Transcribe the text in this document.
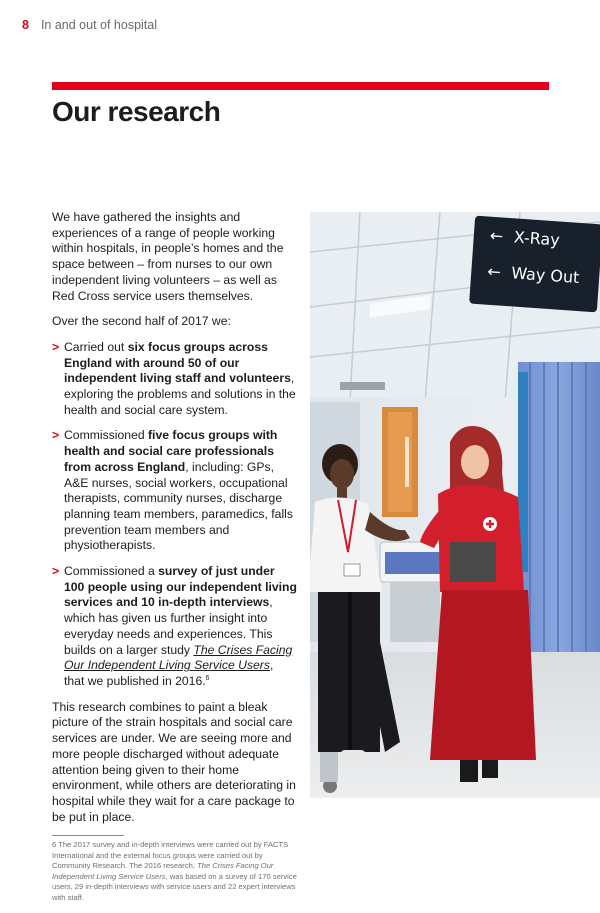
8 In and out of hospital
Our research

We have gathered the insights and experiences of a range of people working within hospitals, in people’s homes and the space between – from nurses to our own independent living volunteers – as well as Red Cross service users themselves.

Over the second half of 2017 we:

> Carried out six focus groups across England with around 50 of our independent living staff and volunteers, exploring the problems and solutions in the health and social care system.
> Commissioned five focus groups with health and social care professionals from across England, including: GPs, A&E nurses, social workers, occupational therapists, community nurses, discharge planning team members, paramedics, falls prevention team members and physiotherapists.
> Commissioned a survey of just under 100 people using our independent living services and 10 in-depth interviews, which has given us further insight into everyday needs and experiences. This builds on a larger study The Crises Facing Our Independent Living Service Users, that we published in 2016.$^6$

This research combines to paint a bleak picture of the strain hospitals and social care services are under. We are seeing more and more people discharged without adequate attention being given to their home environment, while others are deteriorating in hospital while they wait for a care package to be put in place.

6 The 2017 survey and in-depth interviews were carried out by FACTS International and the external focus groups were carried out by Community Research. The 2016 research, The Crises Facing Our Independent Living Service Users, was based on a survey of 170 service users, 29 in-depth interviews with service users and 22 expert interviews with staff.

← X-Ray
← Way Out
